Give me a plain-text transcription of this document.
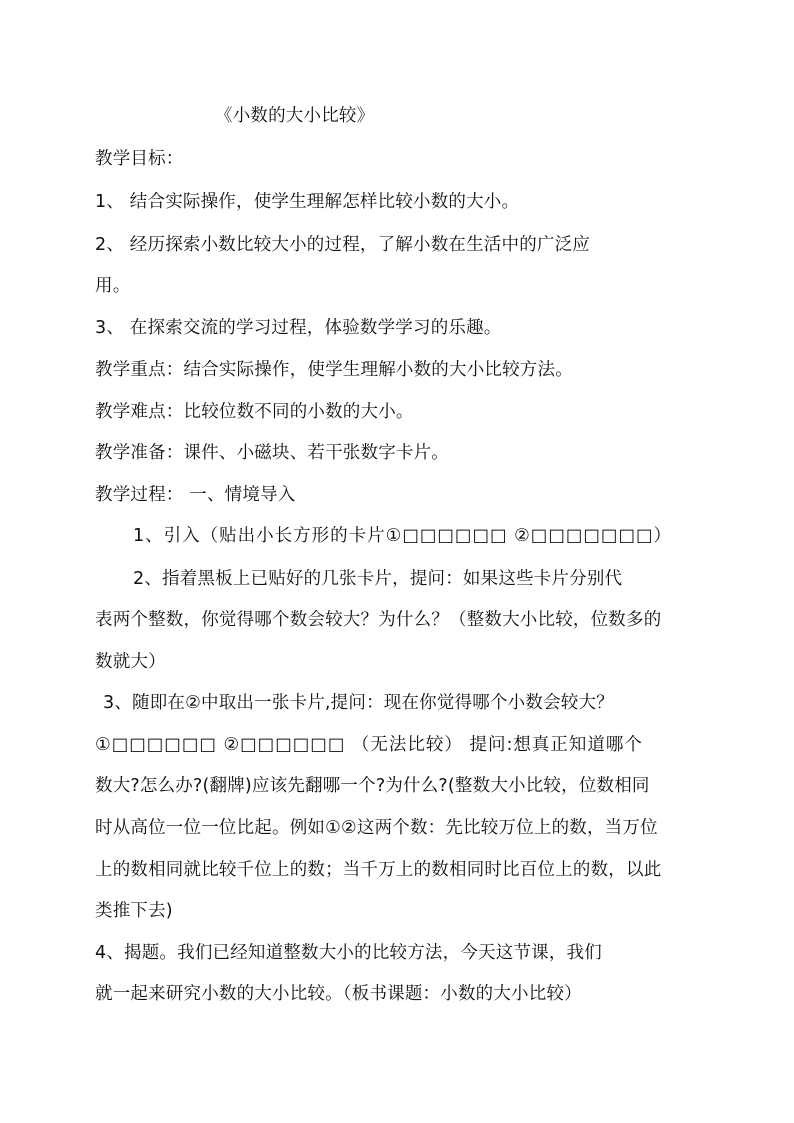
《小数的大小比较》
教学目标：
1、 结合实际操作，使学生理解怎样比较小数的大小。
2、 经历探索小数比较大小的过程，了解小数在生活中的广泛应
用。
3、 在探索交流的学习过程，体验数学学习的乐趣。
教学重点：结合实际操作，使学生理解小数的大小比较方法。
教学难点：比较位数不同的小数的大小。
教学准备：课件、小磁块、若干张数字卡片。
教学过程： 一、情境导入
1、引入（贴出小长方形的卡片①□□□□□□ ②□□□□□□□）
2、指着黑板上已贴好的几张卡片，提问：如果这些卡片分别代
表两个整数，你觉得哪个数会较大？为什么？（整数大小比较，位数多的
数就大）
3、随即在②中取出一张卡片,提问：现在你觉得哪个小数会较大？
①□□□□□□ ②□□□□□□ （无法比较） 提问:想真正知道哪个
数大?怎么办?(翻牌)应该先翻哪一个?为什么?(整数大小比较，位数相同
时从高位一位一位比起。例如①②这两个数：先比较万位上的数，当万位
上的数相同就比较千位上的数；当千万上的数相同时比百位上的数，以此
类推下去)
4、揭题。我们已经知道整数大小的比较方法，今天这节课，我们
就一起来研究小数的大小比较。（板书课题：小数的大小比较）
